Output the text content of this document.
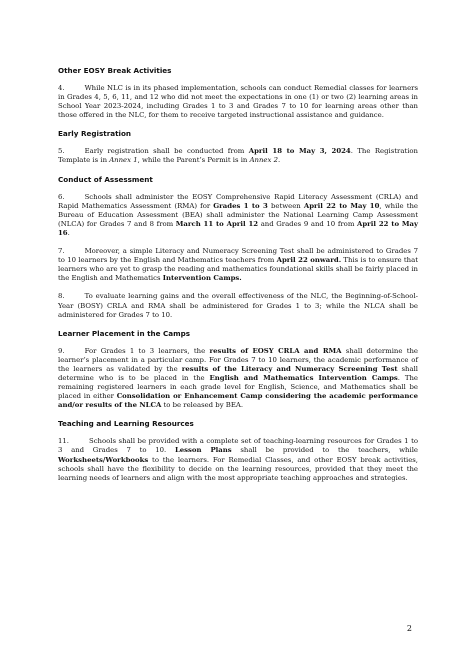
Other EOSY Break Activities

4.	While NLC is in its phased implementation, schools can conduct Remedial classes for learners in Grades 4, 5, 6, 11, and 12 who did not meet the expectations in one (1) or two (2) learning areas in School Year 2023-2024, including Grades 1 to 3 and Grades 7 to 10 for learning areas other than those offered in the NLC, for them to receive targeted instructional assistance and guidance.

Early Registration

5.	Early registration shall be conducted from April 18 to May 3, 2024. The Registration Template is in Annex 1, while the Parent’s Permit is in Annex 2.

Conduct of Assessment

6.	Schools shall administer the EOSY Comprehensive Rapid Literacy Assessment (CRLA) and Rapid Mathematics Assessment (RMA) for Grades 1 to 3 between April 22 to May 10, while the Bureau of Education Assessment (BEA) shall administer the National Learning Camp Assessment (NLCA) for Grades 7 and 8 from March 11 to April 12 and Grades 9 and 10 from April 22 to May 16.

7.	Moreover, a simple Literacy and Numeracy Screening Test shall be administered to Grades 7 to 10 learners by the English and Mathematics teachers from April 22 onward. This is to ensure that learners who are yet to grasp the reading and mathematics foundational skills shall be fairly placed in the English and Mathematics Intervention Camps.

8.	To evaluate learning gains and the overall effectiveness of the NLC, the Beginning-of-School-Year (BOSY) CRLA and RMA shall be administered for Grades 1 to 3; while the NLCA shall be administered for Grades 7 to 10.

Learner Placement in the Camps

9.	For Grades 1 to 3 learners, the results of EOSY CRLA and RMA shall determine the learner’s placement in a particular camp. For Grades 7 to 10 learners, the academic performance of the learners as validated by the results of the Literacy and Numeracy Screening Test shall determine who is to be placed in the English and Mathematics Intervention Camps. The remaining registered learners in each grade level for English, Science, and Mathematics shall be placed in either Consolidation or Enhancement Camp considering the academic performance and/or results of the NLCA to be released by BEA.

Teaching and Learning Resources

11.	Schools shall be provided with a complete set of teaching-learning resources for Grades 1 to 3 and Grades 7 to 10. Lesson Plans shall be provided to the teachers, while Worksheets/Workbooks to the learners. For Remedial Classes, and other EOSY break activities, schools shall have the flexibility to decide on the learning resources, provided that they meet the learning needs of learners and align with the most appropriate teaching approaches and strategies.

2
